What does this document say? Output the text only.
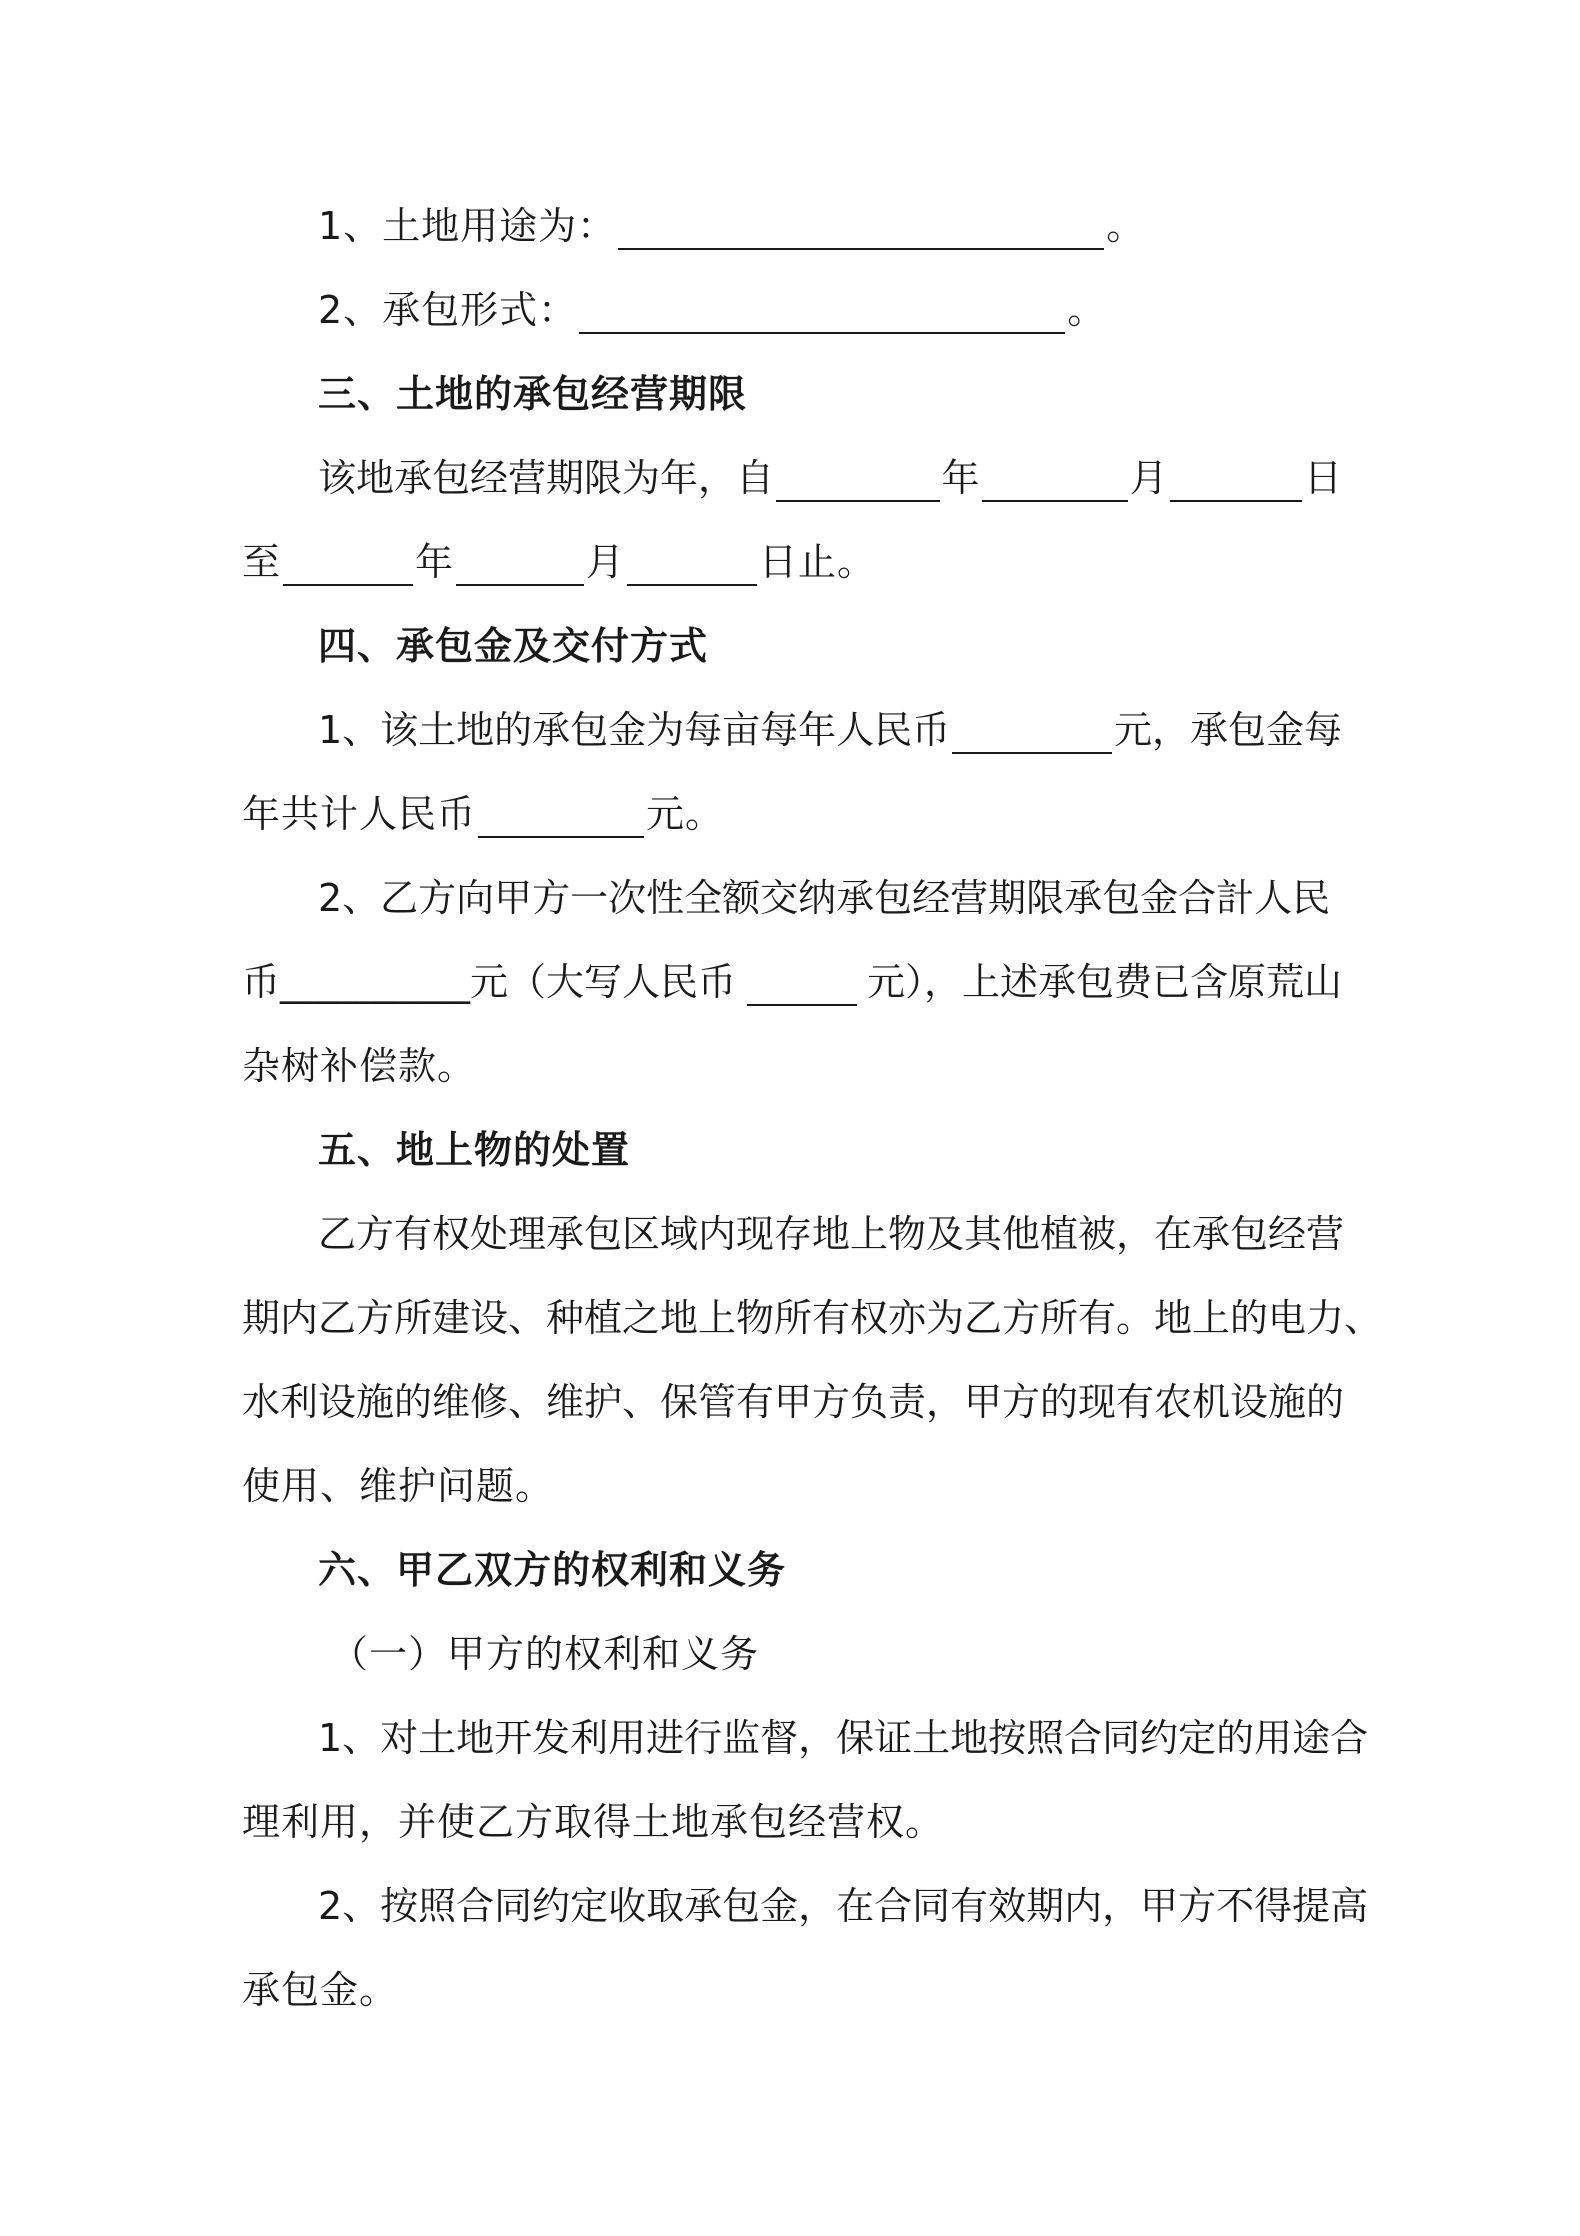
1、土地用途为：	。
2、承包形式：	。
三、土地的承包经营期限
该地承包经营期限为年，自	年	月	日
至	年	月	日止。
四、承包金及交付方式
1、该土地的承包金为每亩每年人民币	元，承包金每
年共计人民币	元。
2、乙方向甲方一次性全额交纳承包经营期限承包金合計人民
币__________元（大写人民币	元），上述承包费已含原荒山
杂树补偿款。
五、地上物的处置
乙方有权处理承包区域内现存地上物及其他植被，在承包经营
期内乙方所建设、种植之地上物所有权亦为乙方所有。地上的电力、
水利设施的维修、维护、保管有甲方负责，甲方的现有农机设施的
使用、维护问题。
六、甲乙双方的权利和义务
（一）甲方的权利和义务
1、对土地开发利用进行监督，保证土地按照合同约定的用途合
理利用，并使乙方取得土地承包经营权。
2、按照合同约定收取承包金，在合同有效期内，甲方不得提高
承包金。
